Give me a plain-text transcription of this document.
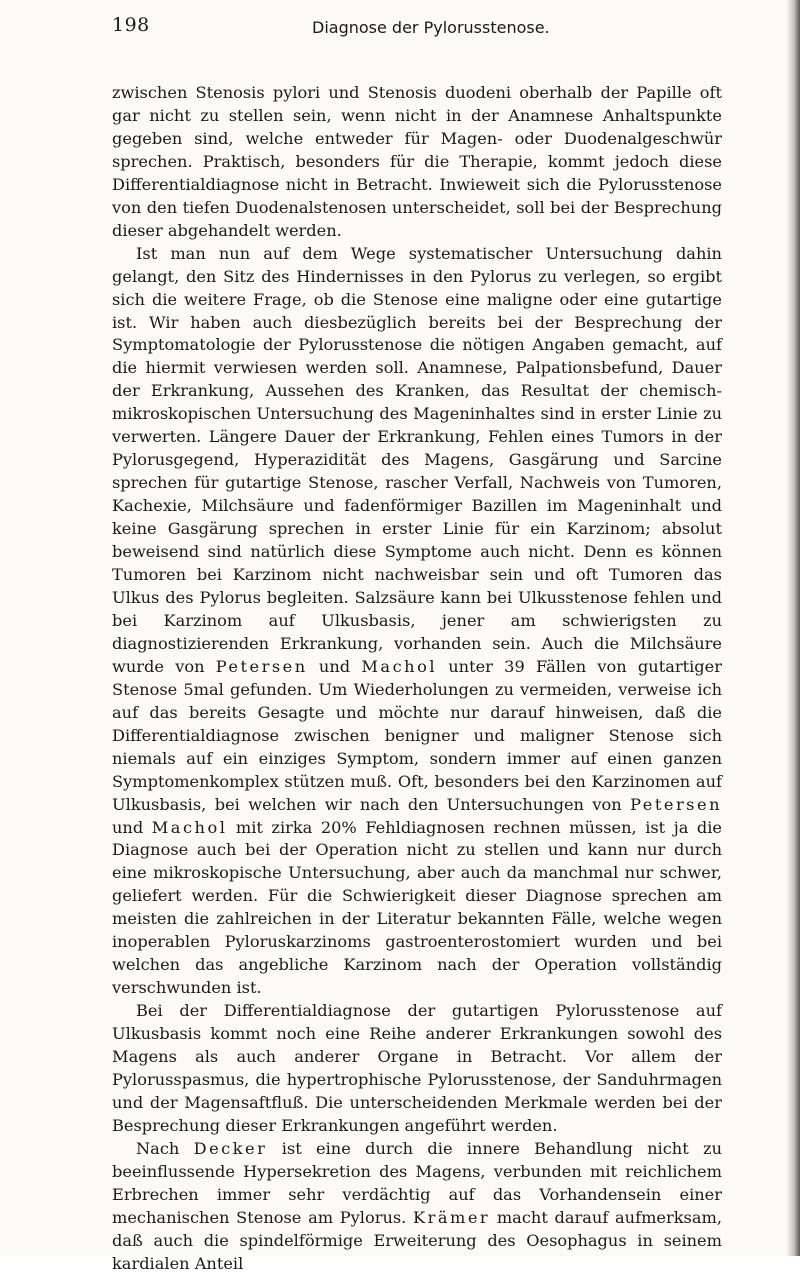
198	Diagnose der Pylorusstenose.

zwischen Stenosis pylori und Stenosis duodeni oberhalb der Papille oft gar nicht zu stellen sein, wenn nicht in der Anamnese Anhaltspunkte gegeben sind, welche entweder für Magen- oder Duodenalgeschwür sprechen. Praktisch, besonders für die Therapie, kommt jedoch diese Differentialdiagnose nicht in Betracht. Inwieweit sich die Pylorusstenose von den tiefen Duodenalstenosen unterscheidet, soll bei der Besprechung dieser abgehandelt werden.

Ist man nun auf dem Wege systematischer Untersuchung dahin gelangt, den Sitz des Hindernisses in den Pylorus zu verlegen, so ergibt sich die weitere Frage, ob die Stenose eine maligne oder eine gutartige ist. Wir haben auch diesbezüglich bereits bei der Besprechung der Symptomatologie der Pylorusstenose die nötigen Angaben gemacht, auf die hiermit verwiesen werden soll. Anamnese, Palpationsbefund, Dauer der Erkrankung, Aussehen des Kranken, das Resultat der chemisch-mikroskopischen Untersuchung des Mageninhaltes sind in erster Linie zu verwerten. Längere Dauer der Erkrankung, Fehlen eines Tumors in der Pylorusgegend, Hyperazidität des Magens, Gasgärung und Sarcine sprechen für gutartige Stenose, rascher Verfall, Nachweis von Tumoren, Kachexie, Milchsäure und fadenförmiger Bazillen im Mageninhalt und keine Gasgärung sprechen in erster Linie für ein Karzinom; absolut beweisend sind natürlich diese Symptome auch nicht. Denn es können Tumoren bei Karzinom nicht nachweisbar sein und oft Tumoren das Ulkus des Pylorus begleiten. Salzsäure kann bei Ulkusstenose fehlen und bei Karzinom auf Ulkusbasis, jener am schwierigsten zu diagnostizierenden Erkrankung, vorhanden sein. Auch die Milchsäure wurde von Petersen und Machol unter 39 Fällen von gutartiger Stenose 5mal gefunden. Um Wiederholungen zu vermeiden, verweise ich auf das bereits Gesagte und möchte nur darauf hinweisen, daß die Differentialdiagnose zwischen benigner und maligner Stenose sich niemals auf ein einziges Symptom, sondern immer auf einen ganzen Symptomenkomplex stützen muß. Oft, besonders bei den Karzinomen auf Ulkusbasis, bei welchen wir nach den Untersuchungen von Petersen und Machol mit zirka 20% Fehldiagnosen rechnen müssen, ist ja die Diagnose auch bei der Operation nicht zu stellen und kann nur durch eine mikroskopische Untersuchung, aber auch da manchmal nur schwer, geliefert werden. Für die Schwierigkeit dieser Diagnose sprechen am meisten die zahlreichen in der Literatur bekannten Fälle, welche wegen inoperablen Pyloruskarzinoms gastroenterostomiert wurden und bei welchen das angebliche Karzinom nach der Operation vollständig verschwunden ist.

Bei der Differentialdiagnose der gutartigen Pylorusstenose auf Ulkusbasis kommt noch eine Reihe anderer Erkrankungen sowohl des Magens als auch anderer Organe in Betracht. Vor allem der Pylorusspasmus, die hypertrophische Pylorusstenose, der Sanduhrmagen und der Magensaftfluß. Die unterscheidenden Merkmale werden bei der Besprechung dieser Erkrankungen angeführt werden.

Nach Decker ist eine durch die innere Behandlung nicht zu beeinflussende Hypersekretion des Magens, verbunden mit reichlichem Erbrechen immer sehr verdächtig auf das Vorhandensein einer mechanischen Stenose am Pylorus. Krämer macht darauf aufmerksam, daß auch die spindelförmige Erweiterung des Oesophagus in seinem kardialen Anteil
